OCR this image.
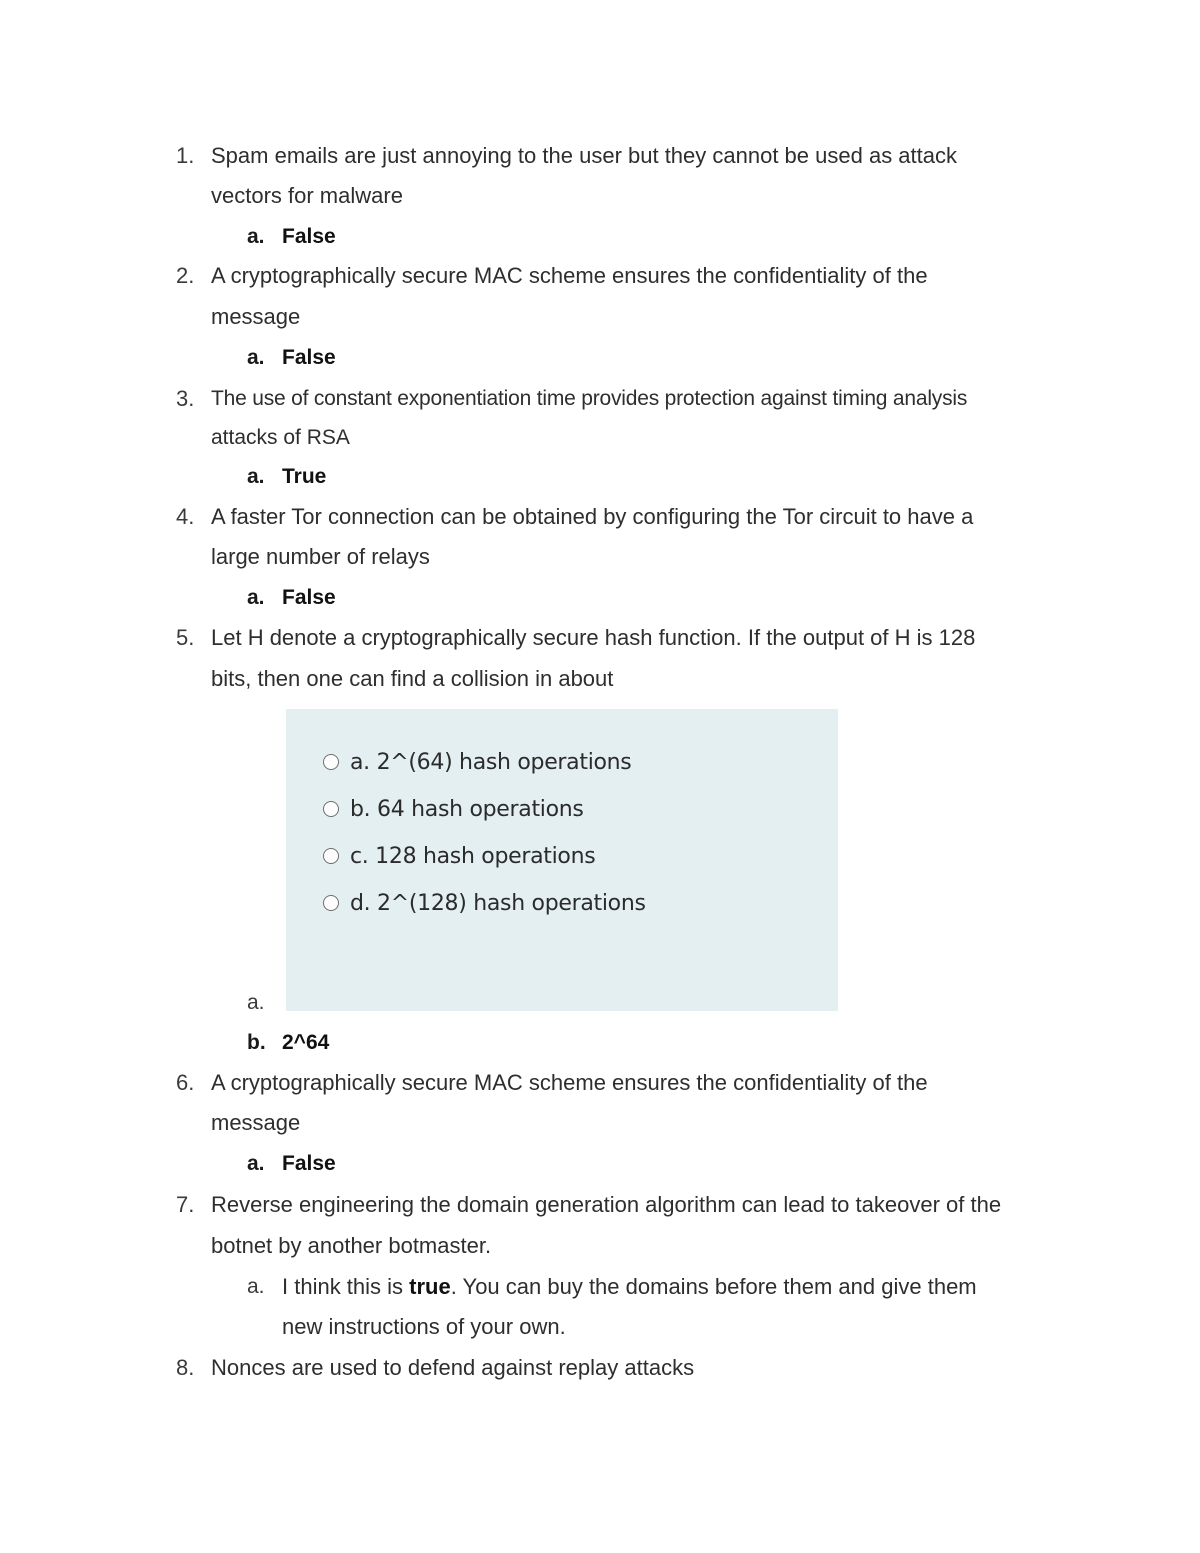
1. Spam emails are just annoying to the user but they cannot be used as attack
vectors for malware
a. False
2. A cryptographically secure MAC scheme ensures the confidentiality of the
message
a. False
3. The use of constant exponentiation time provides protection against timing analysis
attacks of RSA
a. True
4. A faster Tor connection can be obtained by configuring the Tor circuit to have a
large number of relays
a. False
5. Let H denote a cryptographically secure hash function. If the output of H is 128
bits, then one can find a collision in about
a. 2^(64) hash operations
b. 64 hash operations
c. 128 hash operations
d. 2^(128) hash operations
a.
b. 2^64
6. A cryptographically secure MAC scheme ensures the confidentiality of the
message
a. False
7. Reverse engineering the domain generation algorithm can lead to takeover of the
botnet by another botmaster.
a. I think this is true. You can buy the domains before them and give them
new instructions of your own.
8. Nonces are used to defend against replay attacks
